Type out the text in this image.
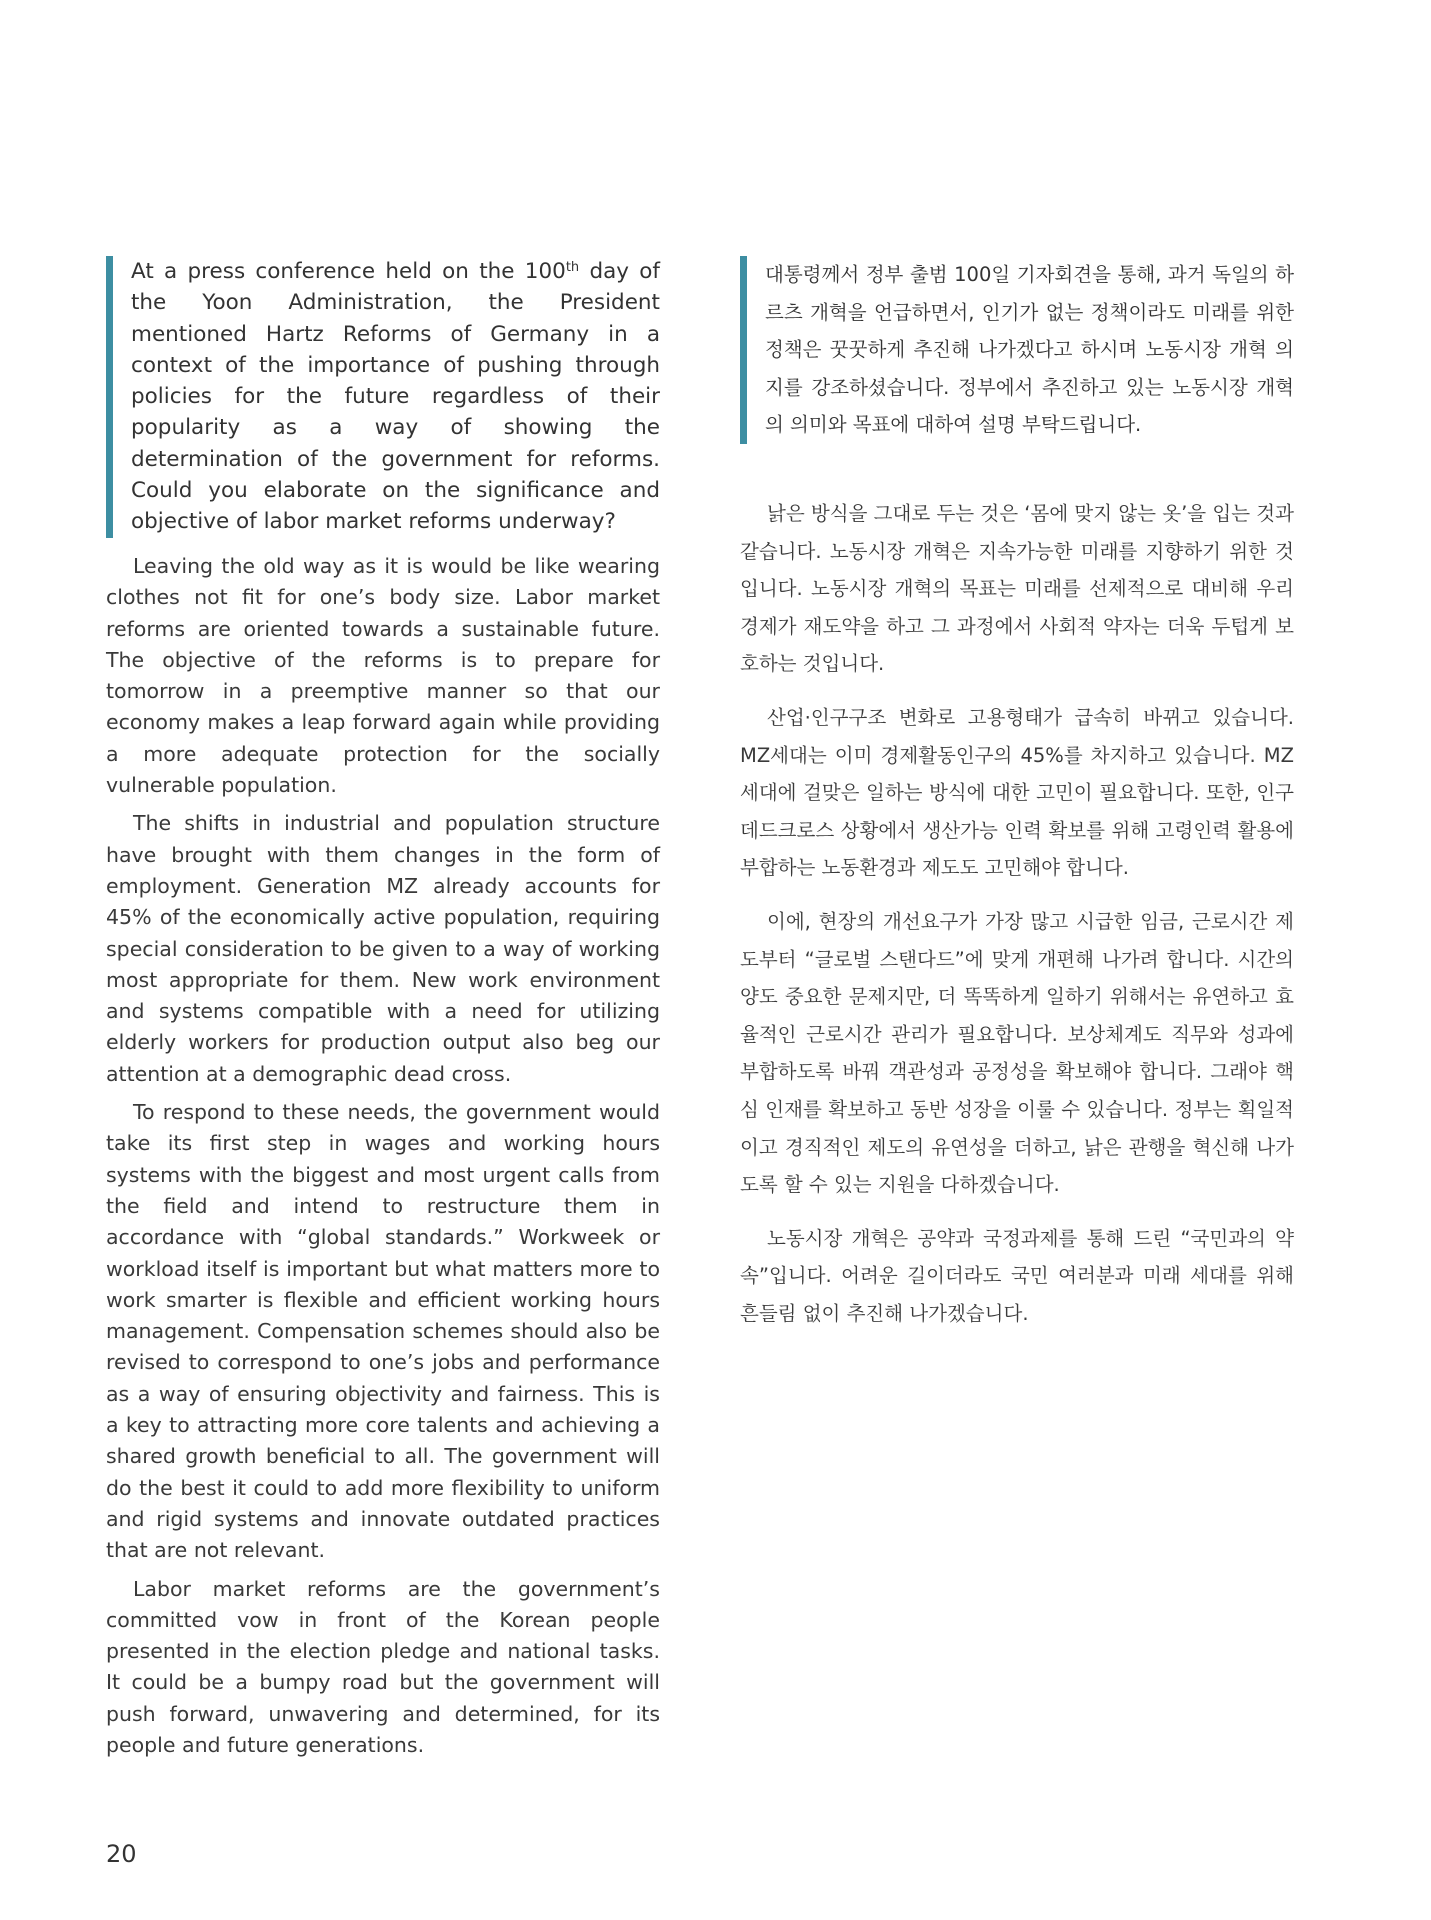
At a press conference held on the 100th day of the Yoon Administration, the President mentioned Hartz Reforms of Germany in a context of the importance of pushing through policies for the future regardless of their popularity as a way of showing the determination of the government for reforms. Could you elaborate on the significance and objective of labor market reforms underway?

Leaving the old way as it is would be like wearing clothes not fit for one’s body size. Labor market reforms are oriented towards a sustainable future. The objective of the reforms is to prepare for tomorrow in a preemptive manner so that our economy makes a leap forward again while providing a more adequate protection for the socially vulnerable population.

The shifts in industrial and population structure have brought with them changes in the form of employment. Generation MZ already accounts for 45% of the economically active population, requiring special consideration to be given to a way of working most appropriate for them. New work environment and systems compatible with a need for utilizing elderly workers for production output also beg our attention at a demographic dead cross.

To respond to these needs, the government would take its first step in wages and working hours systems with the biggest and most urgent calls from the field and intend to restructure them in accordance with “global standards.” Workweek or workload itself is important but what matters more to work smarter is flexible and efficient working hours management. Compensation schemes should also be revised to correspond to one’s jobs and performance as a way of ensuring objectivity and fairness. This is a key to attracting more core talents and achieving a shared growth beneficial to all. The government will do the best it could to add more flexibility to uniform and rigid systems and innovate outdated practices that are not relevant.

Labor market reforms are the government’s committed vow in front of the Korean people presented in the election pledge and national tasks. It could be a bumpy road but the government will push forward, unwavering and determined, for its people and future generations.

대통령께서 정부 출범 100일 기자회견을 통해, 과거 독일의 하르츠 개혁을 언급하면서, 인기가 없는 정책이라도 미래를 위한 정책은 꿋꿋하게 추진해 나가겠다고 하시며 노동시장 개혁 의지를 강조하셨습니다. 정부에서 추진하고 있는 노동시장 개혁의 의미와 목표에 대하여 설명 부탁드립니다.

낡은 방식을 그대로 두는 것은 ‘몸에 맞지 않는 옷’을 입는 것과 같습니다. 노동시장 개혁은 지속가능한 미래를 지향하기 위한 것입니다. 노동시장 개혁의 목표는 미래를 선제적으로 대비해 우리 경제가 재도약을 하고 그 과정에서 사회적 약자는 더욱 두텁게 보호하는 것입니다.

산업·인구구조 변화로 고용형태가 급속히 바뀌고 있습니다. MZ세대는 이미 경제활동인구의 45%를 차지하고 있습니다. MZ세대에 걸맞은 일하는 방식에 대한 고민이 필요합니다. 또한, 인구 데드크로스 상황에서 생산가능 인력 확보를 위해 고령인력 활용에 부합하는 노동환경과 제도도 고민해야 합니다.

이에, 현장의 개선요구가 가장 많고 시급한 임금, 근로시간 제도부터 “글로벌 스탠다드”에 맞게 개편해 나가려 합니다. 시간의 양도 중요한 문제지만, 더 똑똑하게 일하기 위해서는 유연하고 효율적인 근로시간 관리가 필요합니다. 보상체계도 직무와 성과에 부합하도록 바꿔 객관성과 공정성을 확보해야 합니다. 그래야 핵심 인재를 확보하고 동반 성장을 이룰 수 있습니다. 정부는 획일적이고 경직적인 제도의 유연성을 더하고, 낡은 관행을 혁신해 나가도록 할 수 있는 지원을 다하겠습니다.

노동시장 개혁은 공약과 국정과제를 통해 드린 “국민과의 약속”입니다. 어려운 길이더라도 국민 여러분과 미래 세대를 위해 흔들림 없이 추진해 나가겠습니다.

20
